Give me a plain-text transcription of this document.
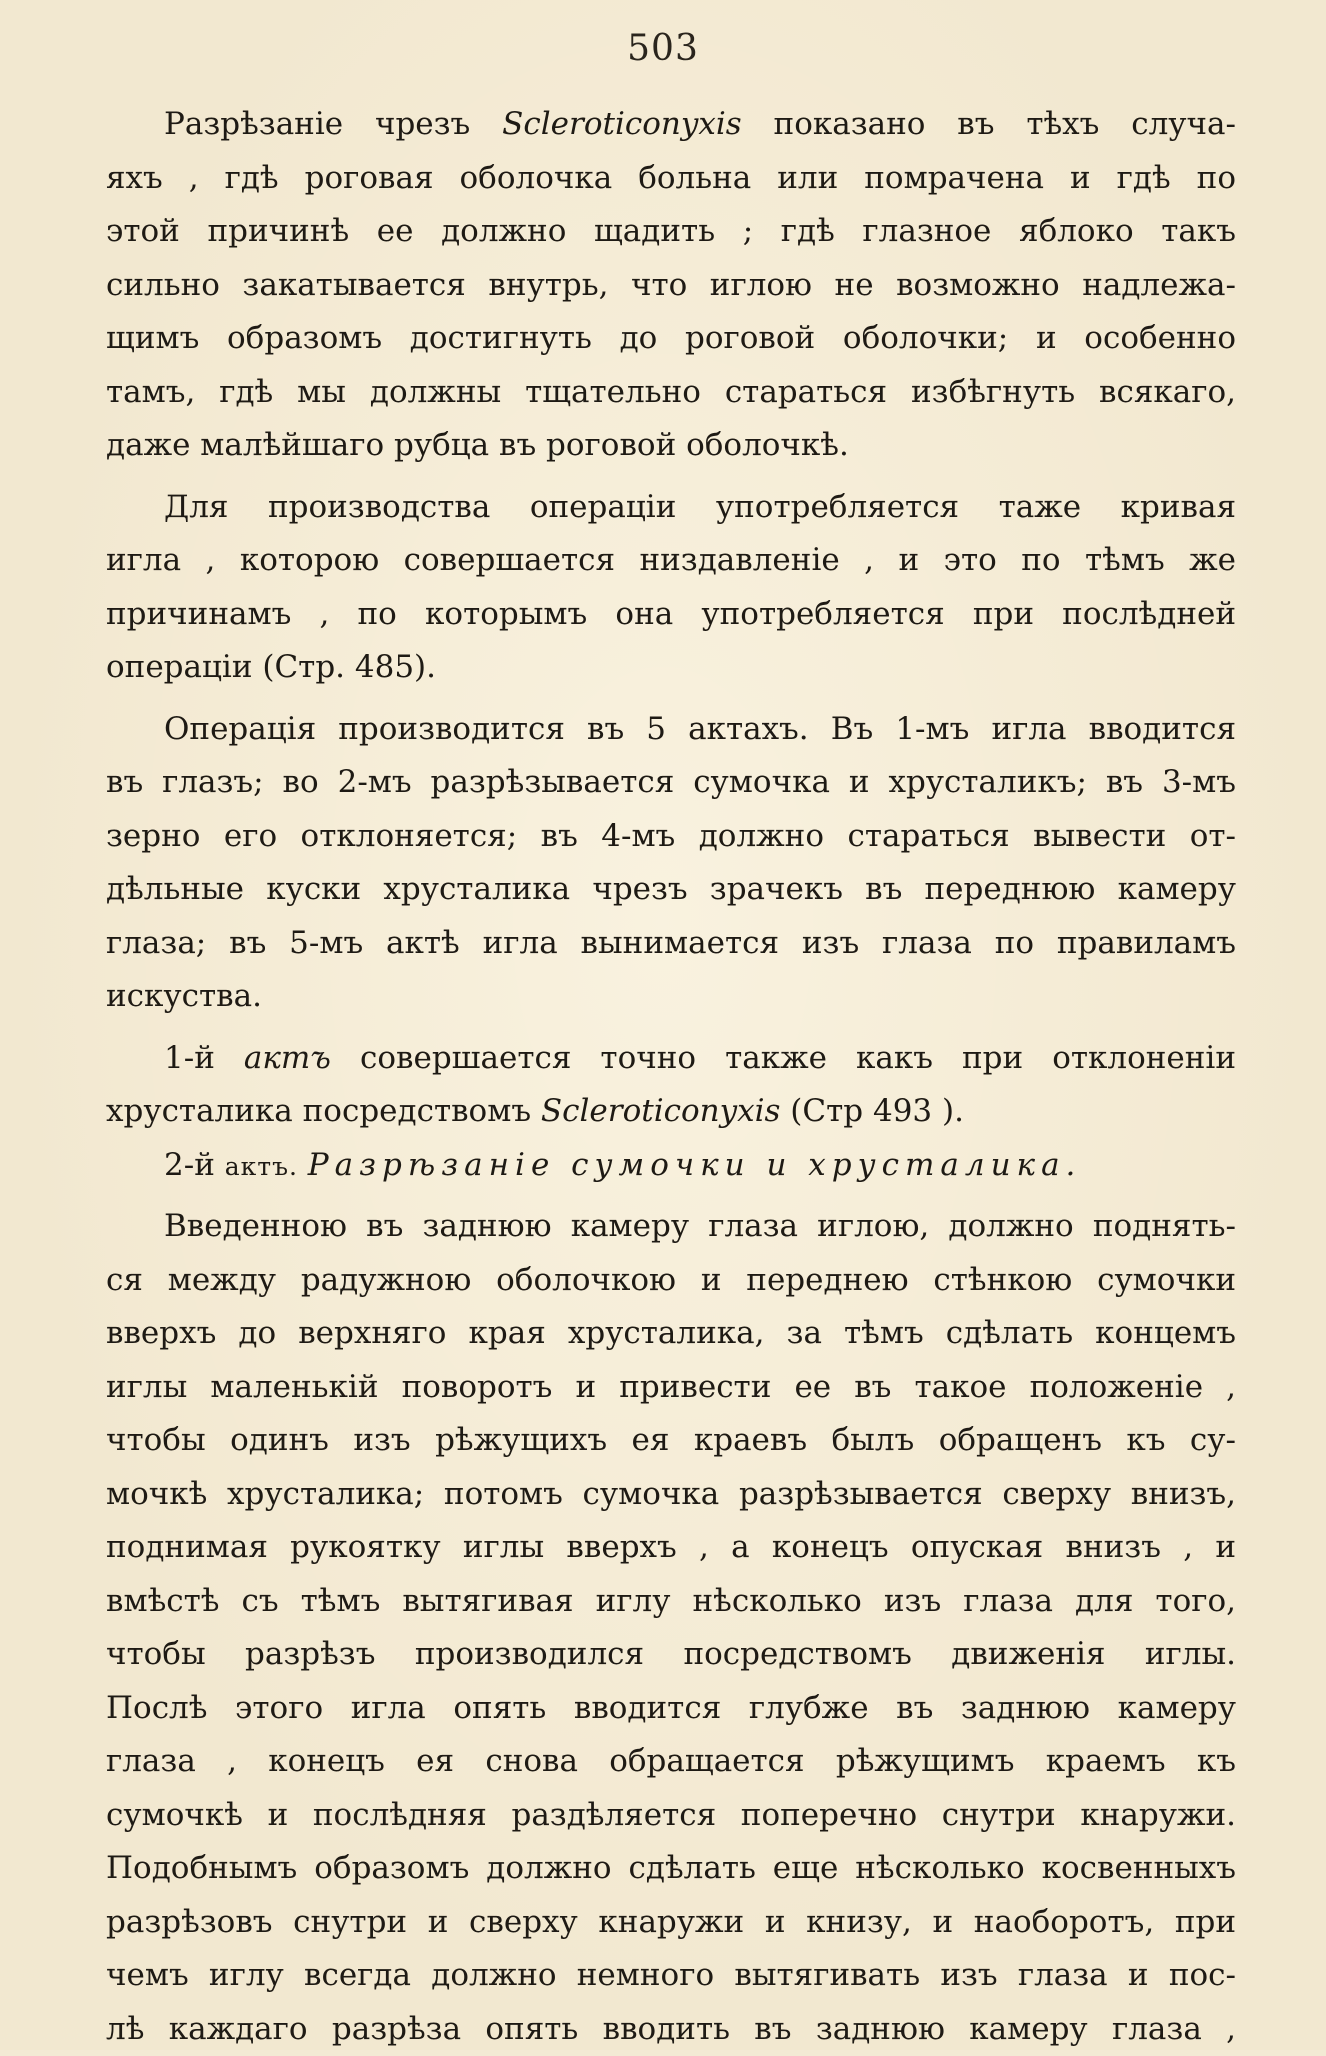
503
Разрѣзаніе чрезъ Scleroticonyxis показано въ тѣхъ случа-
яхъ , гдѣ роговая оболочка больна или помрачена и гдѣ по
этой причинѣ ее должно щадить ; гдѣ глазное яблоко такъ
сильно закатывается внутрь, что иглою не возможно надлежа-
щимъ образомъ достигнуть до роговой оболочки; и особенно
тамъ, гдѣ мы должны тщательно стараться избѣгнуть всякаго,
даже малѣйшаго рубца въ роговой оболочкѣ.
Для производства операціи употребляется таже кривая
игла , которою совершается низдавленіе , и это по тѣмъ же
причинамъ , по которымъ она употребляется при послѣдней
операціи (Стр. 485).
Операція производится въ 5 актахъ. Въ 1-мъ игла вводится
въ глазъ; во 2-мъ разрѣзывается сумочка и хрусталикъ; въ 3-мъ
зерно его отклоняется; въ 4-мъ должно стараться вывести от-
дѣльные куски хрусталика чрезъ зрачекъ въ переднюю камеру
глаза; въ 5-мъ актѣ игла вынимается изъ глаза по правиламъ
искуства.
1-й актъ совершается точно также какъ при отклоненіи
хрусталика посредствомъ Scleroticonyxis (Стр 493 ).
2-й актъ. Разрѣзаніе сумочки и хрусталика.
Введенною въ заднюю камеру глаза иглою, должно поднять-
ся между радужною оболочкою и переднею стѣнкою сумочки
вверхъ до верхняго края хрусталика, за тѣмъ сдѣлать концемъ
иглы маленькій поворотъ и привести ее въ такое положеніе ,
чтобы одинъ изъ рѣжущихъ ея краевъ былъ обращенъ къ су-
мочкѣ хрусталика; потомъ сумочка разрѣзывается сверху внизъ,
поднимая рукоятку иглы вверхъ , а конецъ опуская внизъ , и
вмѣстѣ съ тѣмъ вытягивая иглу нѣсколько изъ глаза для того,
чтобы разрѣзъ производился посредствомъ движенія иглы.
Послѣ этого игла опять вводится глубже въ заднюю камеру
глаза , конецъ ея снова обращается рѣжущимъ краемъ къ
сумочкѣ и послѣдняя раздѣляется поперечно снутри кнаружи.
Подобнымъ образомъ должно сдѣлать еще нѣсколько косвенныхъ
разрѣзовъ снутри и сверху кнаружи и книзу, и наоборотъ, при
чемъ иглу всегда должно немного вытягивать изъ глаза и пос-
лѣ каждаго разрѣза опять вводить въ заднюю камеру глаза ,
